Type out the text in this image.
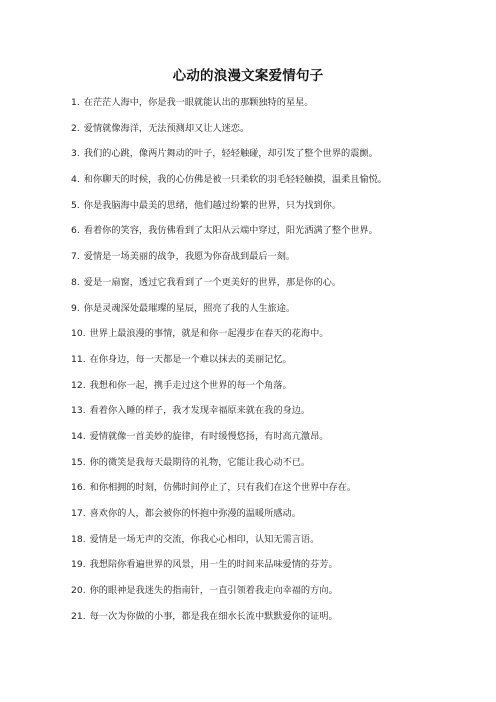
心动的浪漫文案爱情句子
1. 在茫茫人海中，你是我一眼就能认出的那颗独特的星星。
2. 爱情就像海洋，无法预测却又让人迷恋。
3. 我们的心跳，像两片舞动的叶子，轻轻触碰，却引发了整个世界的震颤。
4. 和你聊天的时候，我的心仿佛是被一只柔软的羽毛轻轻触摸，温柔且愉悦。
5. 你是我脑海中最美的思绪，他们越过纷繁的世界，只为找到你。
6. 看着你的笑容，我仿佛看到了太阳从云端中穿过，阳光洒满了整个世界。
7. 爱情是一场美丽的战争，我愿为你奋战到最后一刻。
8. 爱是一扇窗，透过它我看到了一个更美好的世界，那是你的心。
9. 你是灵魂深处最璀璨的星辰，照亮了我的人生旅途。
10. 世界上最浪漫的事情，就是和你一起漫步在春天的花海中。
11. 在你身边，每一天都是一个难以抹去的美丽记忆。
12. 我想和你一起，携手走过这个世界的每一个角落。
13. 看着你入睡的样子，我才发现幸福原来就在我的身边。
14. 爱情就像一首美妙的旋律，有时缓慢悠扬，有时高亢激昂。
15. 你的微笑是我每天最期待的礼物，它能让我心动不已。
16. 和你相拥的时刻，仿佛时间停止了，只有我们在这个世界中存在。
17. 喜欢你的人，都会被你的怀抱中弥漫的温暖所感动。
18. 爱情是一场无声的交流，你我心心相印，认知无需言语。
19. 我想陪你看遍世界的风景，用一生的时间来品味爱情的芬芳。
20. 你的眼神是我迷失的指南针，一直引领着我走向幸福的方向。
21. 每一次为你做的小事，都是我在细水长流中默默爱你的证明。
